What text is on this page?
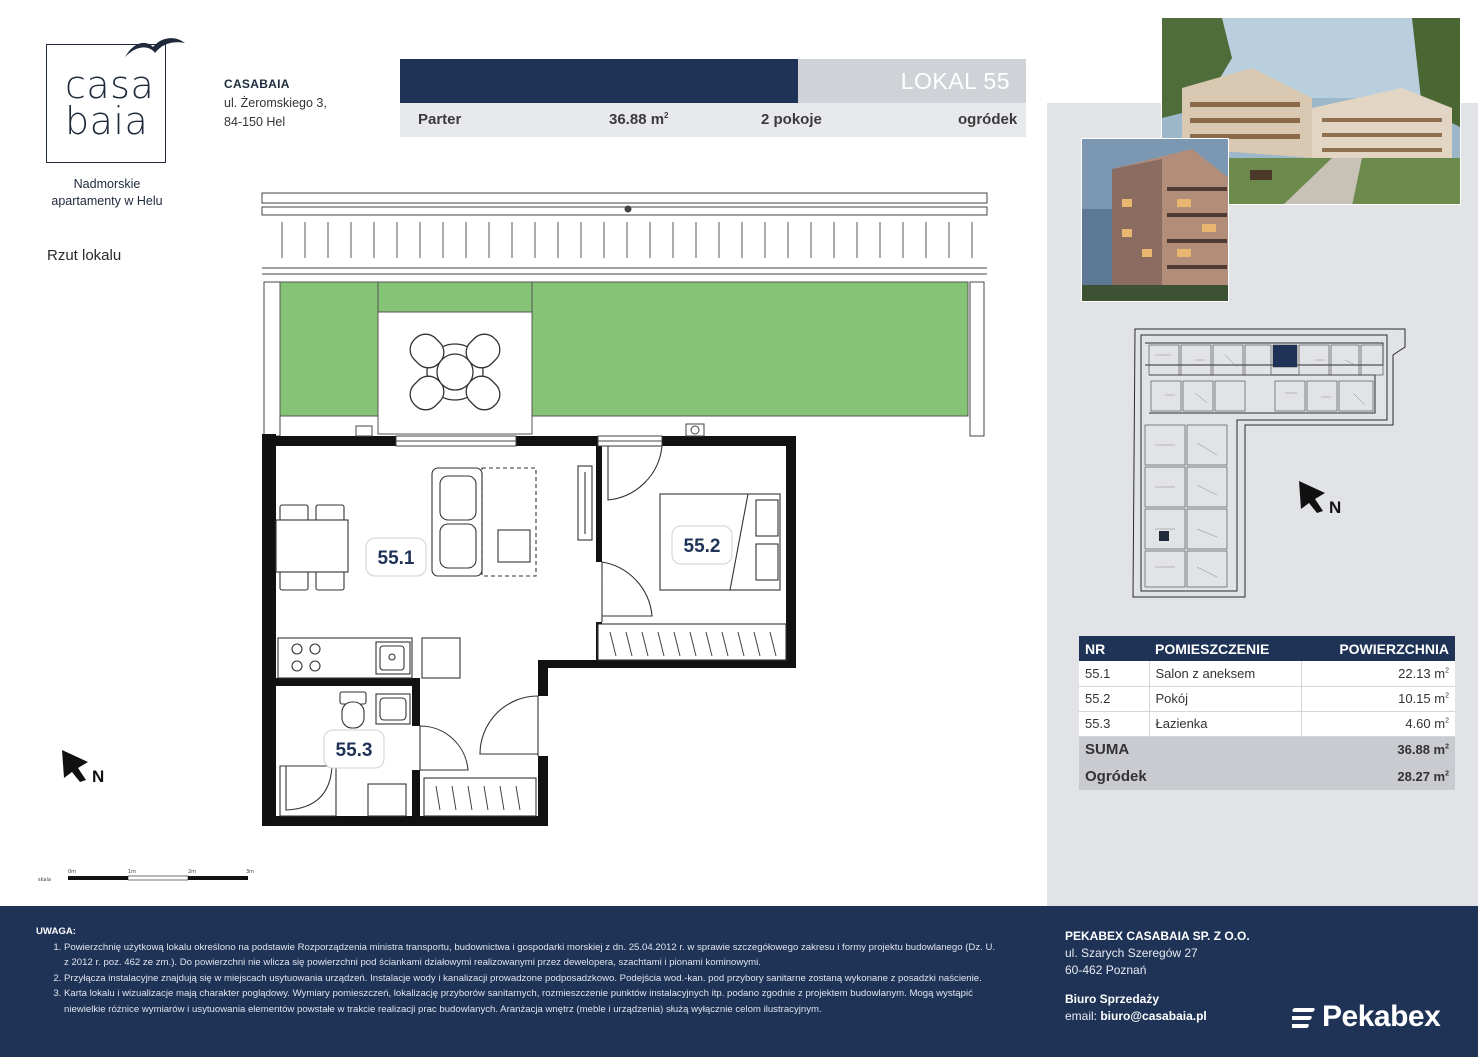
casa
baia
Nadmorskie
apartamenty w Helu
Rzut lokalu
CASABAIA
ul. Żeromskiego 3,
84-150 Hel
LOKAL 55
Parter	36.88 $m^2$	2 pokoje	ogródek
55.1
55.2
55.3
N
skala
0m	1m	2m	3m
N
NR	POMIESZCZENIE	POWIERZCHNIA
55.1	Salon z aneksem	22.13 $m^2$
55.2	Pokój	10.15 $m^2$
55.3	Łazienka	4.60 $m^2$
SUMA		36.88 $m^2$
Ogródek		28.27 $m^2$
UWAGA:
1. Powierzchnię użytkową lokalu określono na podstawie Rozporządzenia ministra transportu, budownictwa i gospodarki morskiej z dn. 25.04.2012 r. w sprawie szczegółowego zakresu i formy projektu budowlanego (Dz. U. z 2012 r. poz. 462 ze zm.). Do powierzchni nie wlicza się powierzchni pod ściankami działowymi realizowanymi przez dewelopera, szachtami i pionami kominowymi.
2. Przyłącza instalacyjne znajdują się w miejscach usytuowania urządzeń. Instalacje wody i kanalizacji prowadzone podposadzkowo. Podejścia wod.-kan. pod przybory sanitarne zostaną wykonane z posadzki naścienie.
3. Karta lokalu i wizualizacje mają charakter poglądowy. Wymiary pomieszczeń, lokalizację przyborów sanitarnych, rozmieszczenie punktów instalacyjnych itp. podano zgodnie z projektem budowlanym. Mogą wystąpić niewielkie różnice wymiarów i usytuowania elementów powstałe w trakcie realizacji prac budowlanych. Aranżacja wnętrz (meble i urządzenia) służą wyłącznie celom ilustracyjnym.
PEKABEX CASABAIA SP. Z O.O.
ul. Szarych Szeregów 27
60-462 Poznań
Biuro Sprzedaży
email: biuro@casabaia.pl	Pekabex
